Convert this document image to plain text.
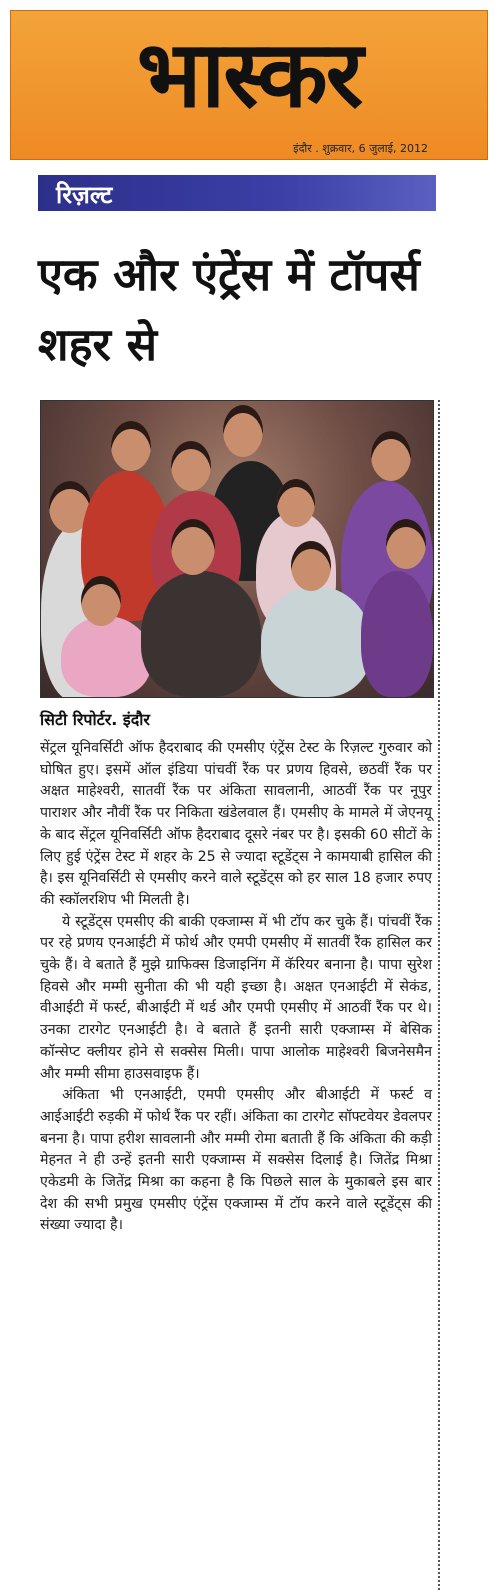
भास्कर
इंदौर . शुक्रवार, 6 जुलाई, 2012
रिज़ल्ट
एक और एंट्रेंस में टॉपर्स शहर से
सिटी रिपोर्टर. इंदौर

सेंट्रल यूनिवर्सिटी ऑफ हैदराबाद की एमसीए एंट्रेंस टेस्ट के रिज़ल्ट गुरुवार को घोषित हुए। इसमें ऑल इंडिया पांचवीं रैंक पर प्रणय हिवसे, छठवीं रैंक पर अक्षत माहेश्वरी, सातवीं रैंक पर अंकिता सावलानी, आठवीं रैंक पर नूपुर पाराशर और नौवीं रैंक पर निकिता खंडेलवाल हैं। एमसीए के मामले में जेएनयू के बाद सेंट्रल यूनिवर्सिटी ऑफ हैदराबाद दूसरे नंबर पर है। इसकी 60 सीटों के लिए हुई एंट्रेंस टेस्ट में शहर के 25 से ज्यादा स्टूडेंट्स ने कामयाबी हासिल की है। इस यूनिवर्सिटी से एमसीए करने वाले स्टूडेंट्स को हर साल 18 हजार रुपए की स्कॉलरशिप भी मिलती है।

ये स्टूडेंट्स एमसीए की बाकी एक्जाम्स में भी टॉप कर चुके हैं। पांचवीं रैंक पर रहे प्रणय एनआईटी में फोर्थ और एमपी एमसीए में सातवीं रैंक हासिल कर चुके हैं। वे बताते हैं मुझे ग्राफिक्स डिजाइनिंग में कॅरियर बनाना है। पापा सुरेश हिवसे और मम्मी सुनीता की भी यही इच्छा है। अक्षत एनआईटी में सेकंड, वीआईटी में फर्स्ट, बीआईटी में थर्ड और एमपी एमसीए में आठवीं रैंक पर थे। उनका टारगेट एनआईटी है। वे बताते हैं इतनी सारी एक्जाम्स में बेसिक कॉन्सेप्ट क्लीयर होने से सक्सेस मिली। पापा आलोक माहेश्वरी बिजनेसमैन और मम्मी सीमा हाउसवाइफ हैं।

अंकिता भी एनआईटी, एमपी एमसीए और बीआईटी में फर्स्ट व आईआईटी रुड़की में फोर्थ रैंक पर रहीं। अंकिता का टारगेट सॉफ्टवेयर डेवलपर बनना है। पापा हरीश सावलानी और मम्मी रोमा बताती हैं कि अंकिता की कड़ी मेहनत ने ही उन्हें इतनी सारी एक्जाम्स में सक्सेस दिलाई है। जितेंद्र मिश्रा एकेडमी के जितेंद्र मिश्रा का कहना है कि पिछले साल के मुकाबले इस बार देश की सभी प्रमुख एमसीए एंट्रेंस एक्जाम्स में टॉप करने वाले स्टूडेंट्स की संख्या ज्यादा है।
